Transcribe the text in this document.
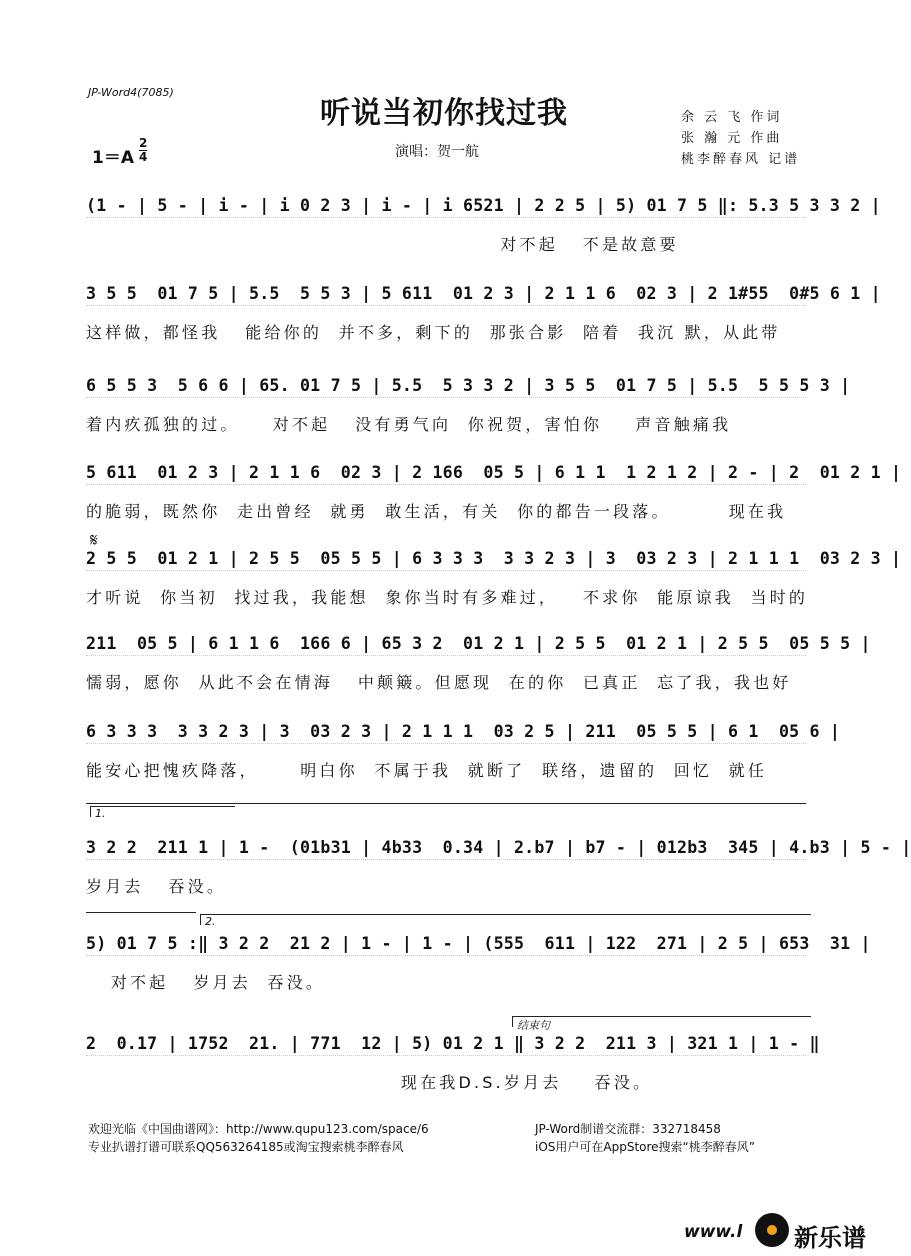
JP-Word4(7085)
听说当初你找过我
$1=A \frac{2}{4}$	演唱：贺一航
余 云 飞 作词
张 瀚 元 作曲
桃李醉春风 记谱
(1 - | 5 - | i - | i 0 2 3 | i - | i 6521 | 2 2 5 | 5) 01 7 5 ‖: 5.3 5 3 3 2 |
对不起   不是故意要
3 5 5  01 7 5 | 5.5  5 5 3 | 5 611  01 2 3 | 2 1 1 6  02 3 | 2 1#55  0#5 6 1 |
这样做，都怪我   能给你的  并不多，剩下的  那张合影  陪着  我沉 默，从此带
6 5 5 3  5 6 6 | 65. 01 7 5 | 5.5  5 3 3 2 | 3 5 5  01 7 5 | 5.5  5 5 5 3 |
着内疚孤独的过。    对不起   没有勇气向  你祝贺，害怕你    声音触痛我
5 611  01 2 3 | 2 1 1 6  02 3 | 2 166  05 5 | 6 1 1  1 2 1 2 | 2 - | 2  01 2 1 |
的脆弱，既然你  走出曾经  就勇  敢生活，有关  你的都告一段落。       现在我
𝄋
2 5 5  01 2 1 | 2 5 5  05 5 5 | 6 3 3 3  3 3 2 3 | 3  03 2 3 | 2 1 1 1  03 2 3 |
才听说  你当初  找过我，我能想  象你当时有多难过，   不求你  能原谅我  当时的
211  05 5 | 6 1 1 6  166 6 | 65 3 2  01 2 1 | 2 5 5  01 2 1 | 2 5 5  05 5 5 |
懦弱，愿你  从此不会在情海   中颠簸。但愿现  在的你  已真正  忘了我，我也好
6 3 3 3  3 3 2 3 | 3  03 2 3 | 2 1 1 1  03 2 5 | 211  05 5 5 | 6 1  05 6 |
能安心把愧疚降落，     明白你  不属于我  就断了  联络，遗留的  回忆  就任
1.
3 2 2  211 1 | 1 -  (01b31 | 4b33  0.34 | 2.b7 | b7 - | 012b3  345 | 4.b3 | 5 - |
岁月去   吞没。
2.
5) 01 7 5 :‖ 3 2 2  21 2 | 1 - | 1 - | (555  611 | 122  271 | 2 5 | 653  31 |
对不起   岁月去  吞没。
结束句
2  0.17 | 1752  21. | 771  12 | 5) 01 2 1 ‖ 3 2 2  211 3 | 321 1 | 1 - ‖
现在我D.S.岁月去    吞没。
欢迎光临《中国曲谱网》：http://www.qupu123.com/space/6
专业扒谱打谱可联系QQ563264185或淘宝搜索桃李醉春风
JP-Word制谱交流群：332718458
iOS用户可在AppStore搜索“桃李醉春风”
www.l 新乐谱
